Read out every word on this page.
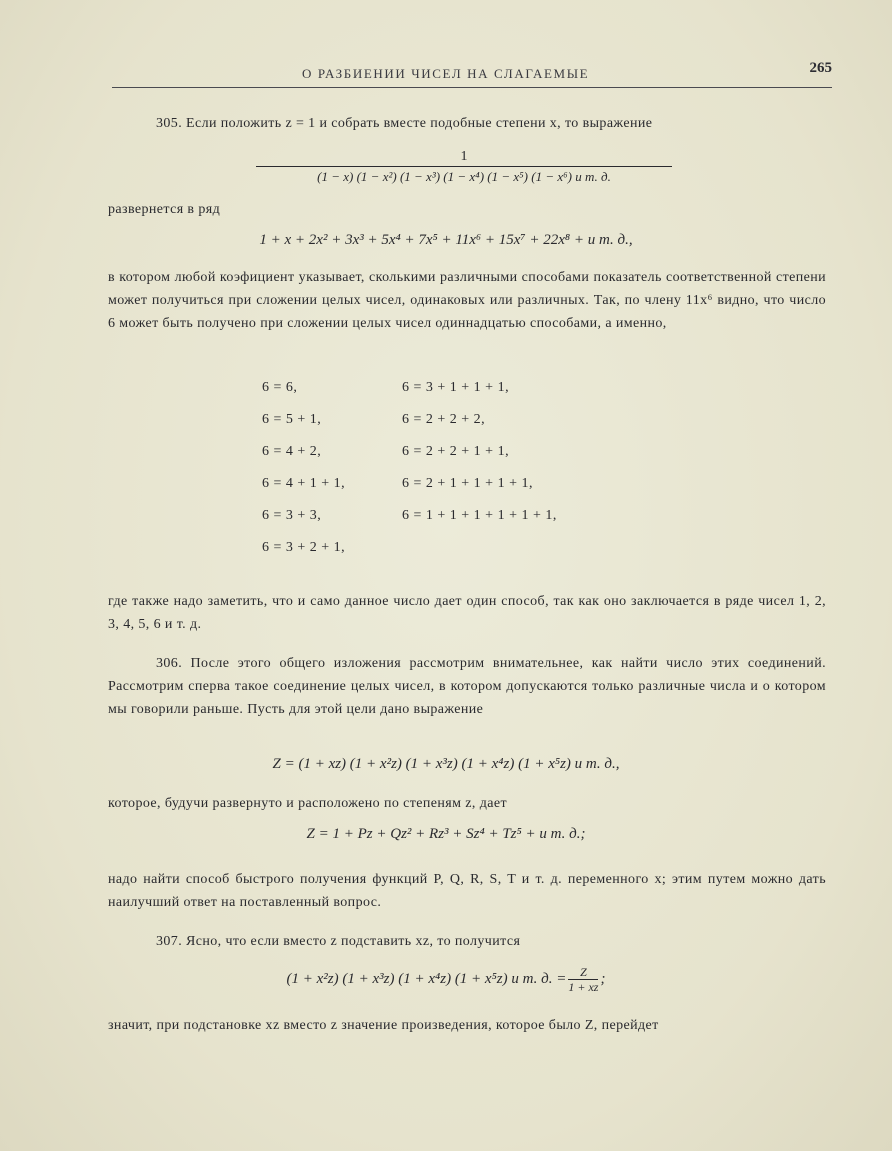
О РАЗБИЕНИИ ЧИСЕЛ НА СЛАГАЕМЫЕ	265

305. Если положить z = 1 и собрать вместе подобные степени x, то выражение

1
(1 − x) (1 − x²) (1 − x³) (1 − x⁴) (1 − x⁵) (1 − x⁶) и т. д.

развернется в ряд

1 + x + 2x² + 3x³ + 5x⁴ + 7x⁵ + 11x⁶ + 15x⁷ + 22x⁸ + и т. д.,

в котором любой коэфициент указывает, сколькими различными способами показатель соответственной степени может получиться при сложении целых чисел, одинаковых или различных. Так, по члену 11x⁶ видно, что число 6 может быть получено при сложении целых чисел одиннадцатью способами, а именно,

6 = 6,
6 = 5 + 1,
6 = 4 + 2,
6 = 4 + 1 + 1,
6 = 3 + 3,
6 = 3 + 2 + 1,
6 = 3 + 1 + 1 + 1,
6 = 2 + 2 + 2,
6 = 2 + 2 + 1 + 1,
6 = 2 + 1 + 1 + 1 + 1,
6 = 1 + 1 + 1 + 1 + 1 + 1,

где также надо заметить, что и само данное число дает один способ, так как оно заключается в ряде чисел 1, 2, 3, 4, 5, 6 и т. д.

306. После этого общего изложения рассмотрим внимательнее, как найти число этих соединений. Рассмотрим сперва такое соединение целых чисел, в котором допускаются только различные числа и о котором мы говорили раньше. Пусть для этой цели дано выражение

Z = (1 + xz) (1 + x²z) (1 + x³z) (1 + x⁴z) (1 + x⁵z) и т. д.,

которое, будучи развернуто и расположено по степеням z, дает

Z = 1 + Pz + Qz² + Rz³ + Sz⁴ + Tz⁵ + и т. д.;

надо найти способ быстрого получения функций P, Q, R, S, T и т. д. переменного x; этим путем можно дать наилучший ответ на поставленный вопрос.

307. Ясно, что если вместо z подставить xz, то получится

(1 + x²z) (1 + x³z) (1 + x⁴z) (1 + x⁵z) и т. д. = $\frac{Z}{1 + xz}$ ;

значит, при подстановке xz вместо z значение произведения, которое было Z, перейдет
